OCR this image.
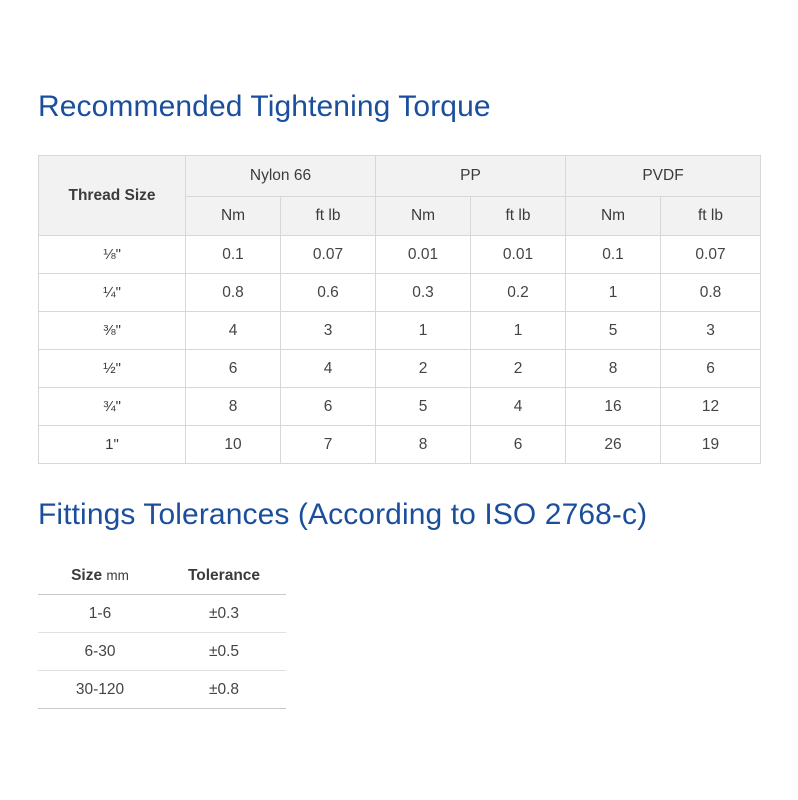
Recommended Tightening Torque
Thread Size	Nylon 66		PP		PVDF	
	Nm	ft lb	Nm	ft lb	Nm	ft lb
⅛"	0.1	0.07	0.01	0.01	0.1	0.07
¼"	0.8	0.6	0.3	0.2	1	0.8
⅜"	4	3	1	1	5	3
½"	6	4	2	2	8	6
¾"	8	6	5	4	16	12
1"	10	7	8	6	26	19
Fittings Tolerances (According to ISO 2768-c)
Size mm	Tolerance
1-6	±0.3
6-30	±0.5
30-120	±0.8
